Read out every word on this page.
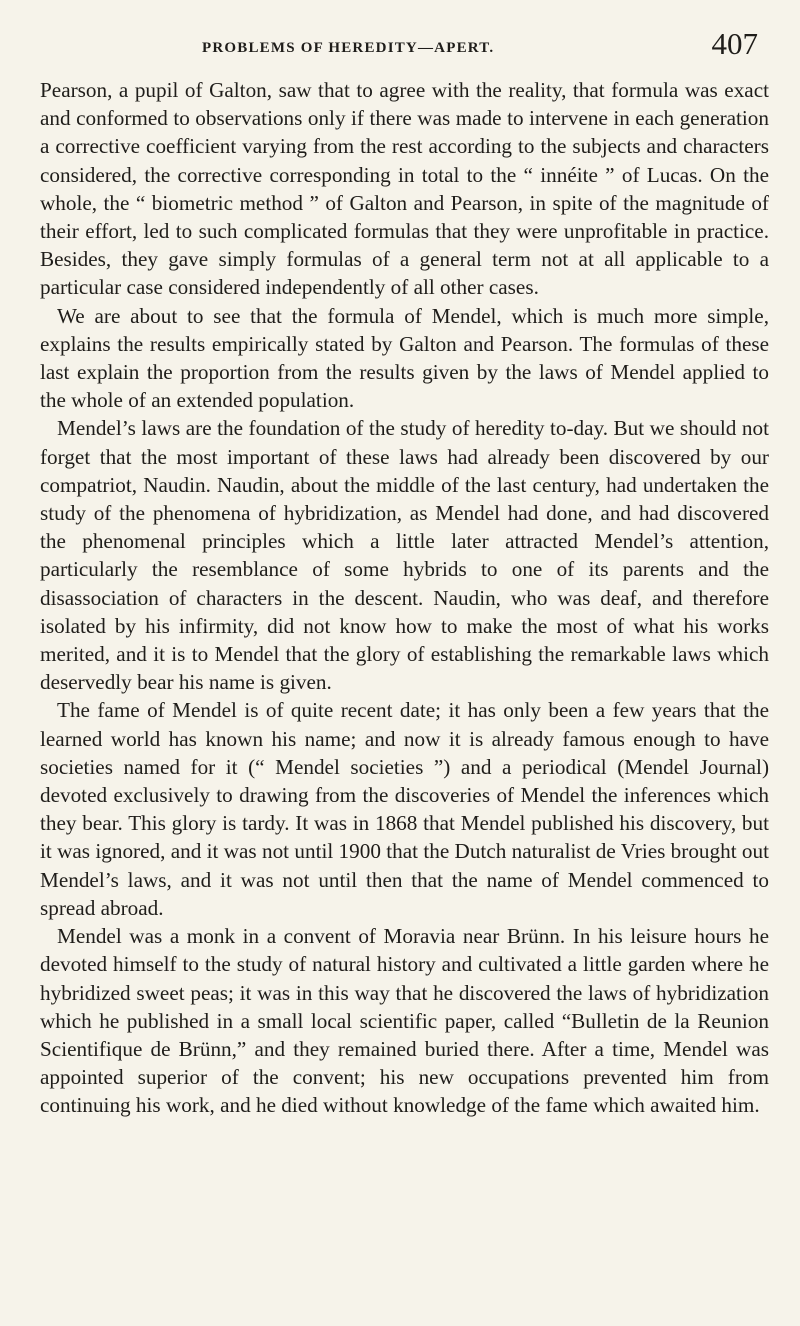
PROBLEMS OF HEREDITY—APERT.	407

Pearson, a pupil of Galton, saw that to agree with the reality, that formula was exact and conformed to observations only if there was made to intervene in each generation a corrective coefficient varying from the rest according to the subjects and characters considered, the corrective corresponding in total to the “ innéite ” of Lucas. On the whole, the “ biometric method ” of Galton and Pearson, in spite of the magnitude of their effort, led to such complicated formulas that they were unprofitable in practice. Besides, they gave simply formulas of a general term not at all applicable to a particular case considered independently of all other cases.

We are about to see that the formula of Mendel, which is much more simple, explains the results empirically stated by Galton and Pearson. The formulas of these last explain the proportion from the results given by the laws of Mendel applied to the whole of an extended population.

Mendel’s laws are the foundation of the study of heredity to-day. But we should not forget that the most important of these laws had already been discovered by our compatriot, Naudin. Naudin, about the middle of the last century, had undertaken the study of the phenomena of hybridization, as Mendel had done, and had discovered the phenomenal principles which a little later attracted Mendel’s attention, particularly the resemblance of some hybrids to one of its parents and the disassociation of characters in the descent. Naudin, who was deaf, and therefore isolated by his infirmity, did not know how to make the most of what his works merited, and it is to Mendel that the glory of establishing the remarkable laws which deservedly bear his name is given.

The fame of Mendel is of quite recent date; it has only been a few years that the learned world has known his name; and now it is already famous enough to have societies named for it (“ Mendel societies ”) and a periodical (Mendel Journal) devoted exclusively to drawing from the discoveries of Mendel the inferences which they bear. This glory is tardy. It was in 1868 that Mendel published his discovery, but it was ignored, and it was not until 1900 that the Dutch naturalist de Vries brought out Mendel’s laws, and it was not until then that the name of Mendel commenced to spread abroad.

Mendel was a monk in a convent of Moravia near Brünn. In his leisure hours he devoted himself to the study of natural history and cultivated a little garden where he hybridized sweet peas; it was in this way that he discovered the laws of hybridization which he published in a small local scientific paper, called “Bulletin de la Reunion Scientifique de Brünn,” and they remained buried there. After a time, Mendel was appointed superior of the convent; his new occupations prevented him from continuing his work, and he died without knowledge of the fame which awaited him.
